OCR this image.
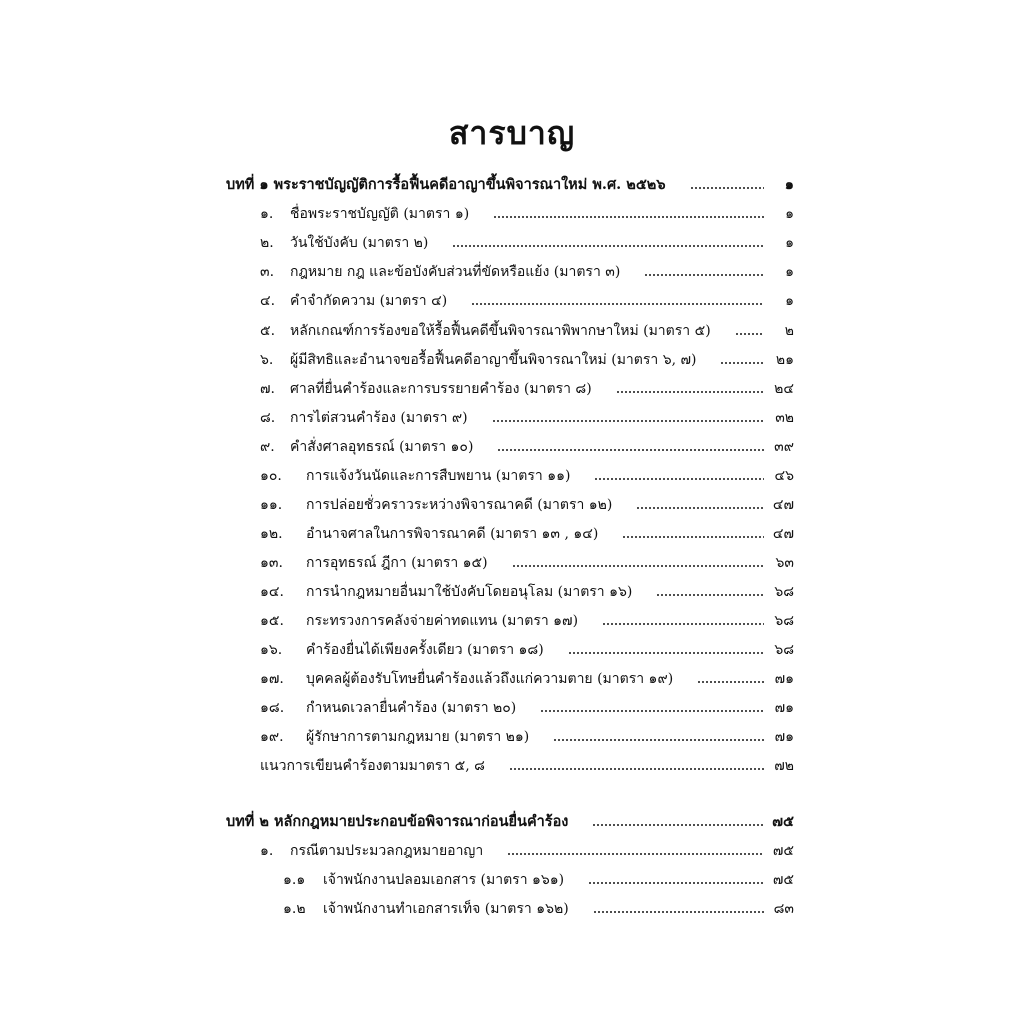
สารบาญ
บทที่ ๑ พระราชบัญญัติการรื้อฟื้นคดีอาญาขึ้นพิจารณาใหม่ พ.ศ. ๒๕๒๖	๑
๑.	ชื่อพระราชบัญญัติ (มาตรา ๑)	๑
๒.	วันใช้บังคับ (มาตรา ๒)	๑
๓.	กฎหมาย กฎ และข้อบังคับส่วนที่ขัดหรือแย้ง (มาตรา ๓)	๑
๔.	คำจำกัดความ (มาตรา ๔)	๑
๕.	หลักเกณฑ์การร้องขอให้รื้อฟื้นคดีขึ้นพิจารณาพิพากษาใหม่ (มาตรา ๕)	๒
๖.	ผู้มีสิทธิและอำนาจขอรื้อฟื้นคดีอาญาขึ้นพิจารณาใหม่ (มาตรา ๖, ๗)	๒๑
๗.	ศาลที่ยื่นคำร้องและการบรรยายคำร้อง (มาตรา ๘)	๒๔
๘.	การไต่สวนคำร้อง (มาตรา ๙)	๓๒
๙.	คำสั่งศาลอุทธรณ์ (มาตรา ๑๐)	๓๙
๑๐.	การแจ้งวันนัดและการสืบพยาน (มาตรา ๑๑)	๔๖
๑๑.	การปล่อยชั่วคราวระหว่างพิจารณาคดี (มาตรา ๑๒)	๔๗
๑๒.	อำนาจศาลในการพิจารณาคดี (มาตรา ๑๓ , ๑๔)	๔๗
๑๓.	การอุทธรณ์ ฎีกา (มาตรา ๑๕)	๖๓
๑๔.	การนำกฎหมายอื่นมาใช้บังคับโดยอนุโลม (มาตรา ๑๖)	๖๘
๑๕.	กระทรวงการคลังจ่ายค่าทดแทน (มาตรา ๑๗)	๖๘
๑๖.	คำร้องยื่นได้เพียงครั้งเดียว (มาตรา ๑๘)	๖๘
๑๗.	บุคคลผู้ต้องรับโทษยื่นคำร้องแล้วถึงแก่ความตาย (มาตรา ๑๙)	๗๑
๑๘.	กำหนดเวลายื่นคำร้อง (มาตรา ๒๐)	๗๑
๑๙.	ผู้รักษาการตามกฎหมาย (มาตรา ๒๑)	๗๑
แนวการเขียนคำร้องตามมาตรา ๕, ๘	๗๒
บทที่ ๒ หลักกฎหมายประกอบข้อพิจารณาก่อนยื่นคำร้อง	๗๕
๑.	กรณีตามประมวลกฎหมายอาญา	๗๕
๑.๑	เจ้าพนักงานปลอมเอกสาร (มาตรา ๑๖๑)	๗๕
๑.๒	เจ้าพนักงานทำเอกสารเท็จ (มาตรา ๑๖๒)	๘๓
